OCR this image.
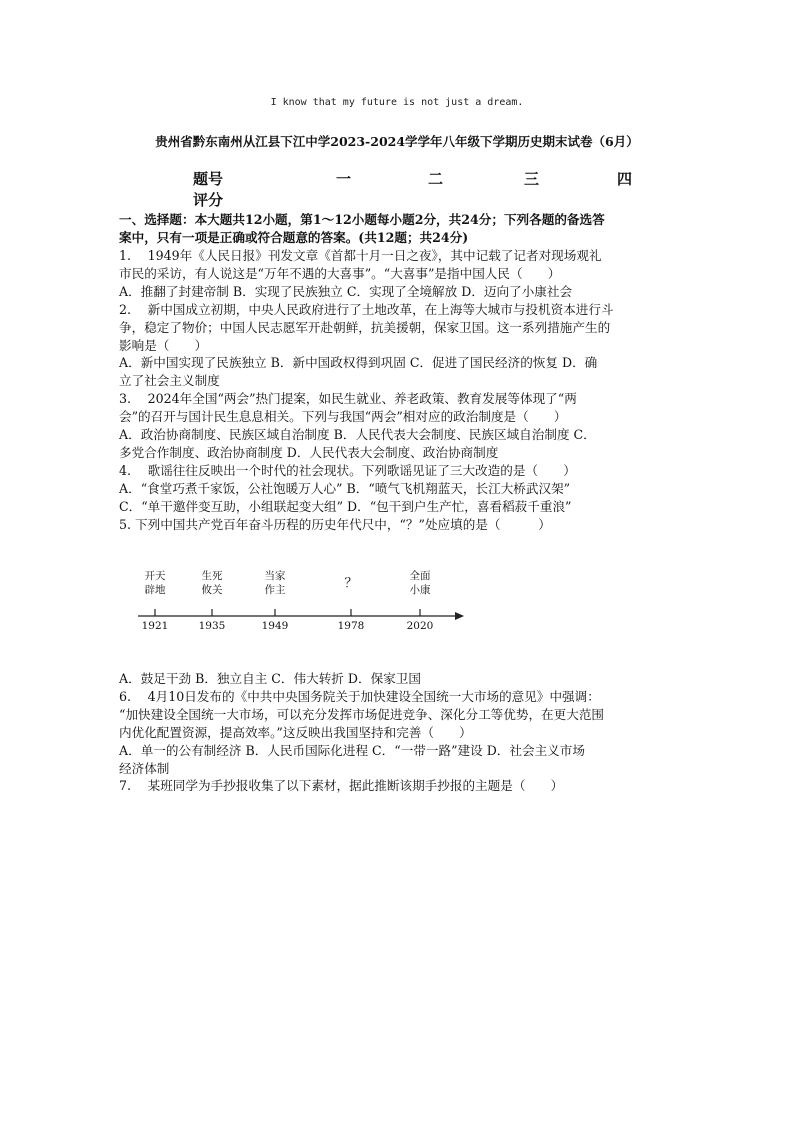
I know that my future is not just a dream.
贵州省黔东南州从江县下江中学2023-2024学学年八年级下学期历史期末试卷（6月）
题号	一	二	三	四
评分
一、选择题：本大题共12小题，第1～12小题每小题2分，共24分；下列各题的备选答
案中，只有一项是正确或符合题意的答案。(共12题；共24分)
1.　 1949年《人民日报》刊发文章《首都十月一日之夜》，其中记载了记者对现场观礼
市民的采访，有人说这是“万年不遇的大喜事”。“大喜事”是指中国人民（　　）
A．推翻了封建帝制 B．实现了民族独立 C．实现了全境解放 D．迈向了小康社会
2.　 新中国成立初期，中央人民政府进行了土地改革，在上海等大城市与投机资本进行斗
争，稳定了物价；中国人民志愿军开赴朝鲜，抗美援朝，保家卫国。这一系列措施产生的
影响是（　　）
A．新中国实现了民族独立 B．新中国政权得到巩固 C．促进了国民经济的恢复 D．确
立了社会主义制度
3.　 2024年全国“两会”热门提案，如民生就业、养老政策、教育发展等体现了“两
会”的召开与国计民生息息相关。下列与我国“两会”相对应的政治制度是（　　）
A．政治协商制度、民族区域自治制度 B．人民代表大会制度、民族区域自治制度 C．
多党合作制度、政治协商制度 D．人民代表大会制度、政治协商制度
4.　 歌谣往往反映出一个时代的社会现状。下列歌谣见证了三大改造的是（　　）
A．“食堂巧煮千家饭，公社饱暖万人心” B．“喷气飞机翔蓝天，长江大桥武汉架”
C．“单干邀伴变互助，小组联起变大组” D．“包干到户生产忙，喜看稻菽千重浪”
5. 下列中国共产党百年奋斗历程的历史年代尺中，“？”处应填的是（　　　）
开天
辟地
生死
攸关
当家
作主	？	全面
小康
1921	1935	1949	1978	2020
A．鼓足干劲 B．独立自主 C．伟大转折 D．保家卫国
6.　 4月10日发布的《中共中央国务院关于加快建设全国统一大市场的意见》中强调：
“加快建设全国统一大市场，可以充分发挥市场促进竞争、深化分工等优势，在更大范围
内优化配置资源，提高效率。”这反映出我国坚持和完善（　　）
A．单一的公有制经济 B．人民币国际化进程 C．“一带一路”建设 D．社会主义市场
经济体制
7.　 某班同学为手抄报收集了以下素材，据此推断该期手抄报的主题是（　　）
